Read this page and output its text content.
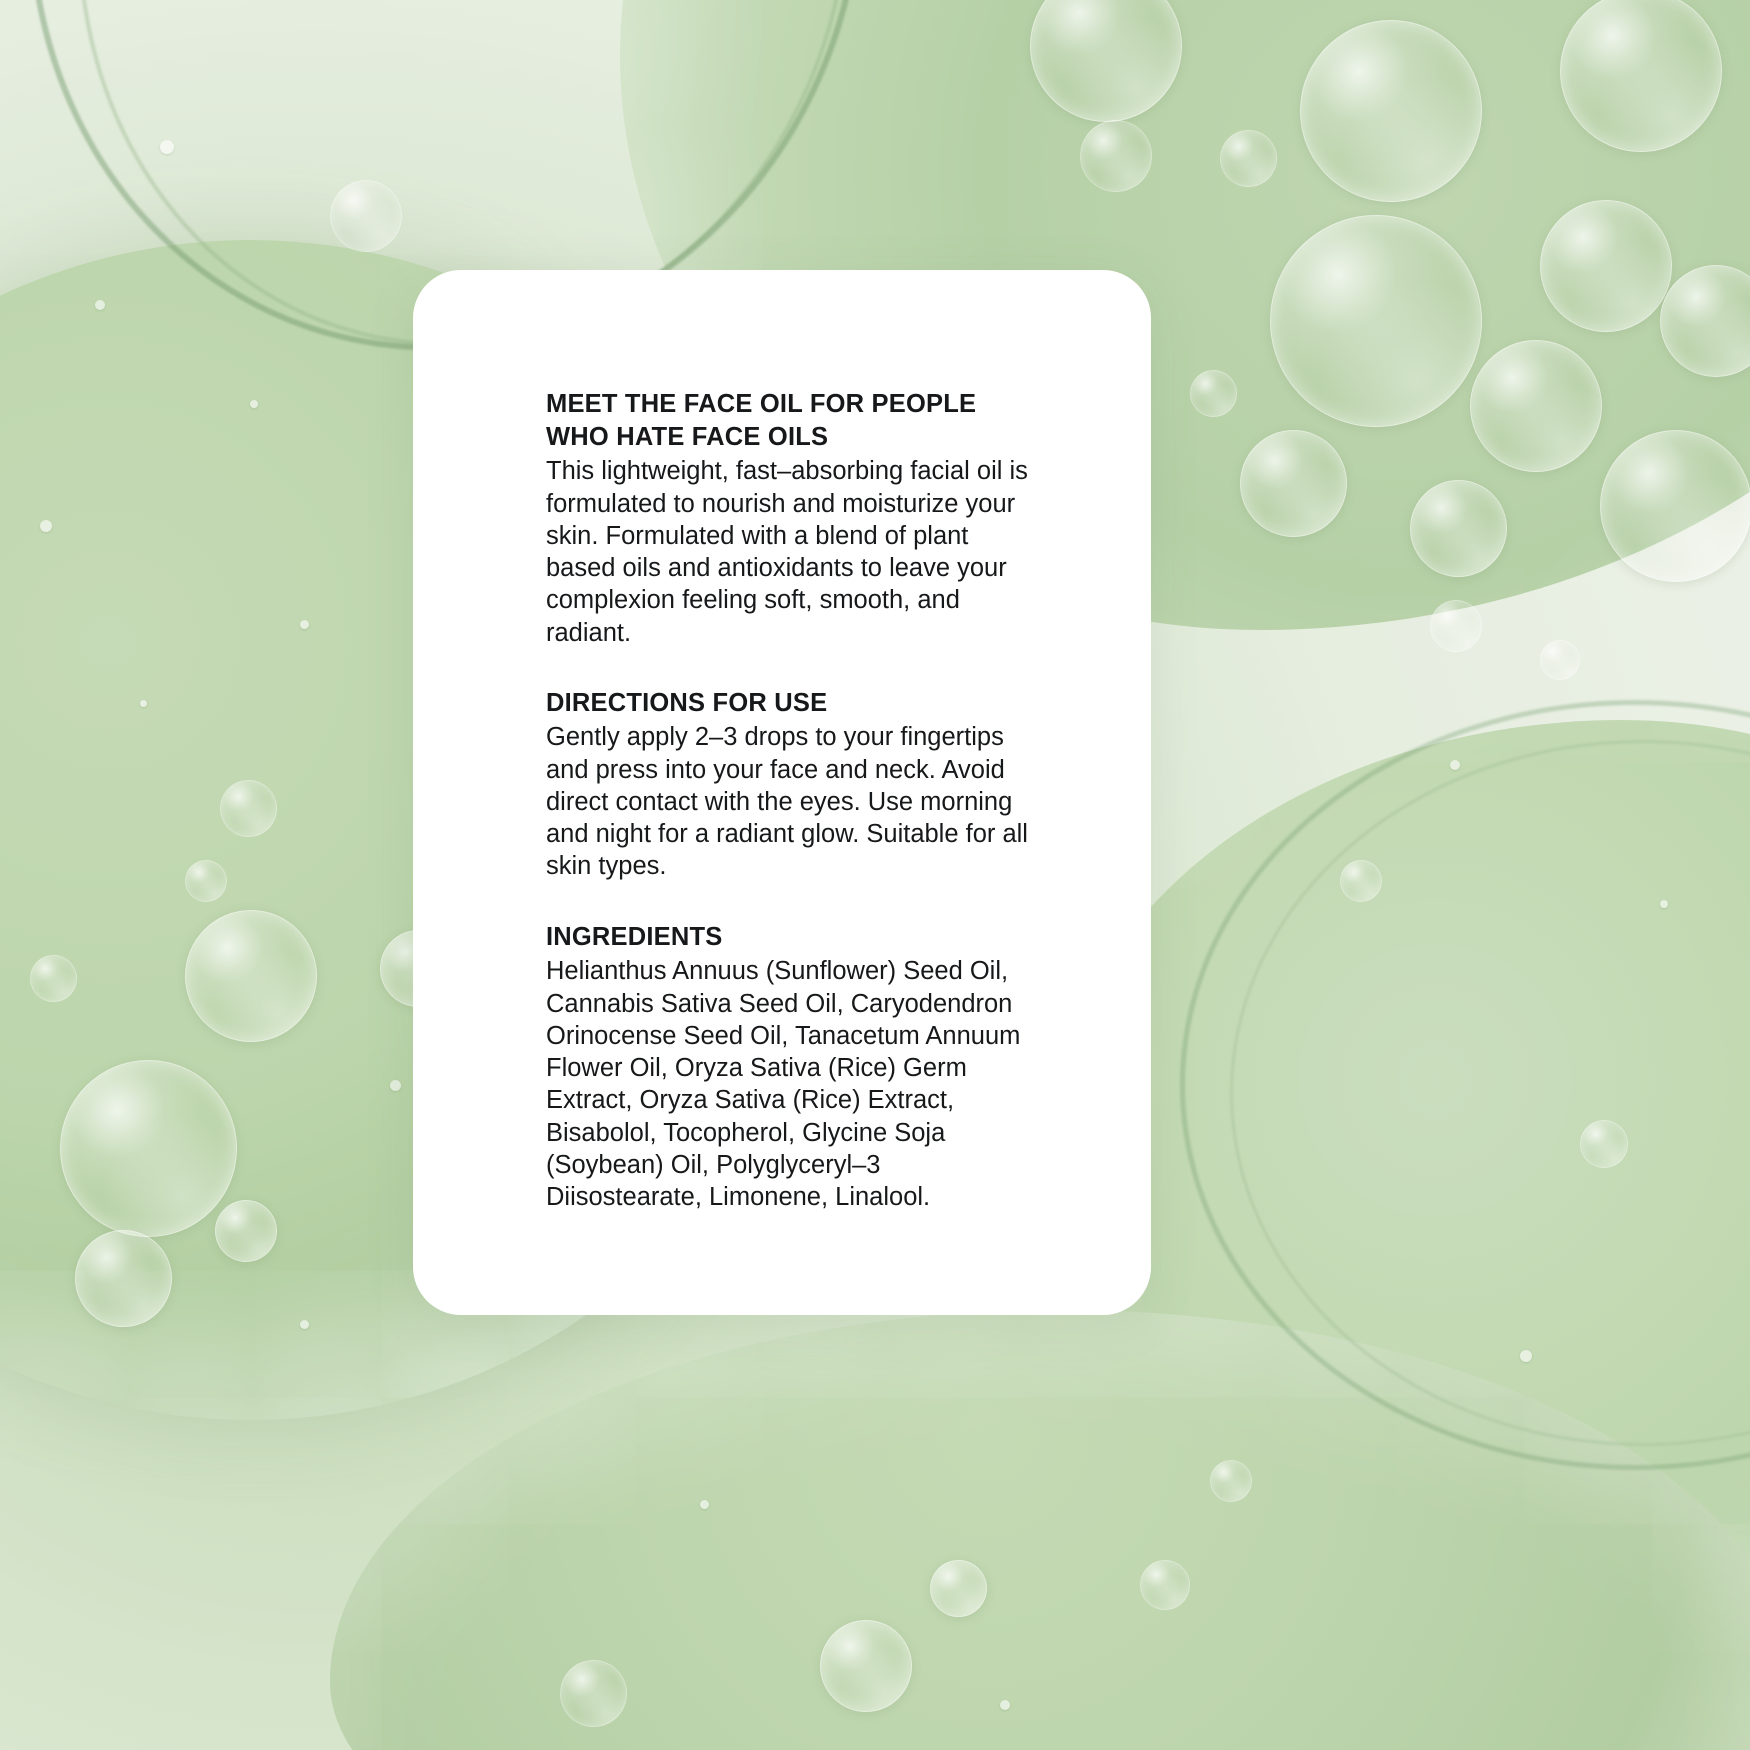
MEET THE FACE OIL FOR PEOPLE WHO HATE FACE OILS

This lightweight, fast–absorbing facial oil is formulated to nourish and moisturize your skin. Formulated with a blend of plant based oils and antioxidants to leave your complexion feeling soft, smooth, and radiant.

DIRECTIONS FOR USE

Gently apply 2–3 drops to your fingertips and press into your face and neck. Avoid direct contact with the eyes. Use morning and night for a radiant glow. Suitable for all skin types.

INGREDIENTS

Helianthus Annuus (Sunflower) Seed Oil, Cannabis Sativa Seed Oil, Caryodendron Orinocense Seed Oil, Tanacetum Annuum Flower Oil, Oryza Sativa (Rice) Germ Extract, Oryza Sativa (Rice) Extract, Bisabolol, Tocopherol, Glycine Soja (Soybean) Oil, Polyglyceryl–3 Diisostearate, Limonene, Linalool.
